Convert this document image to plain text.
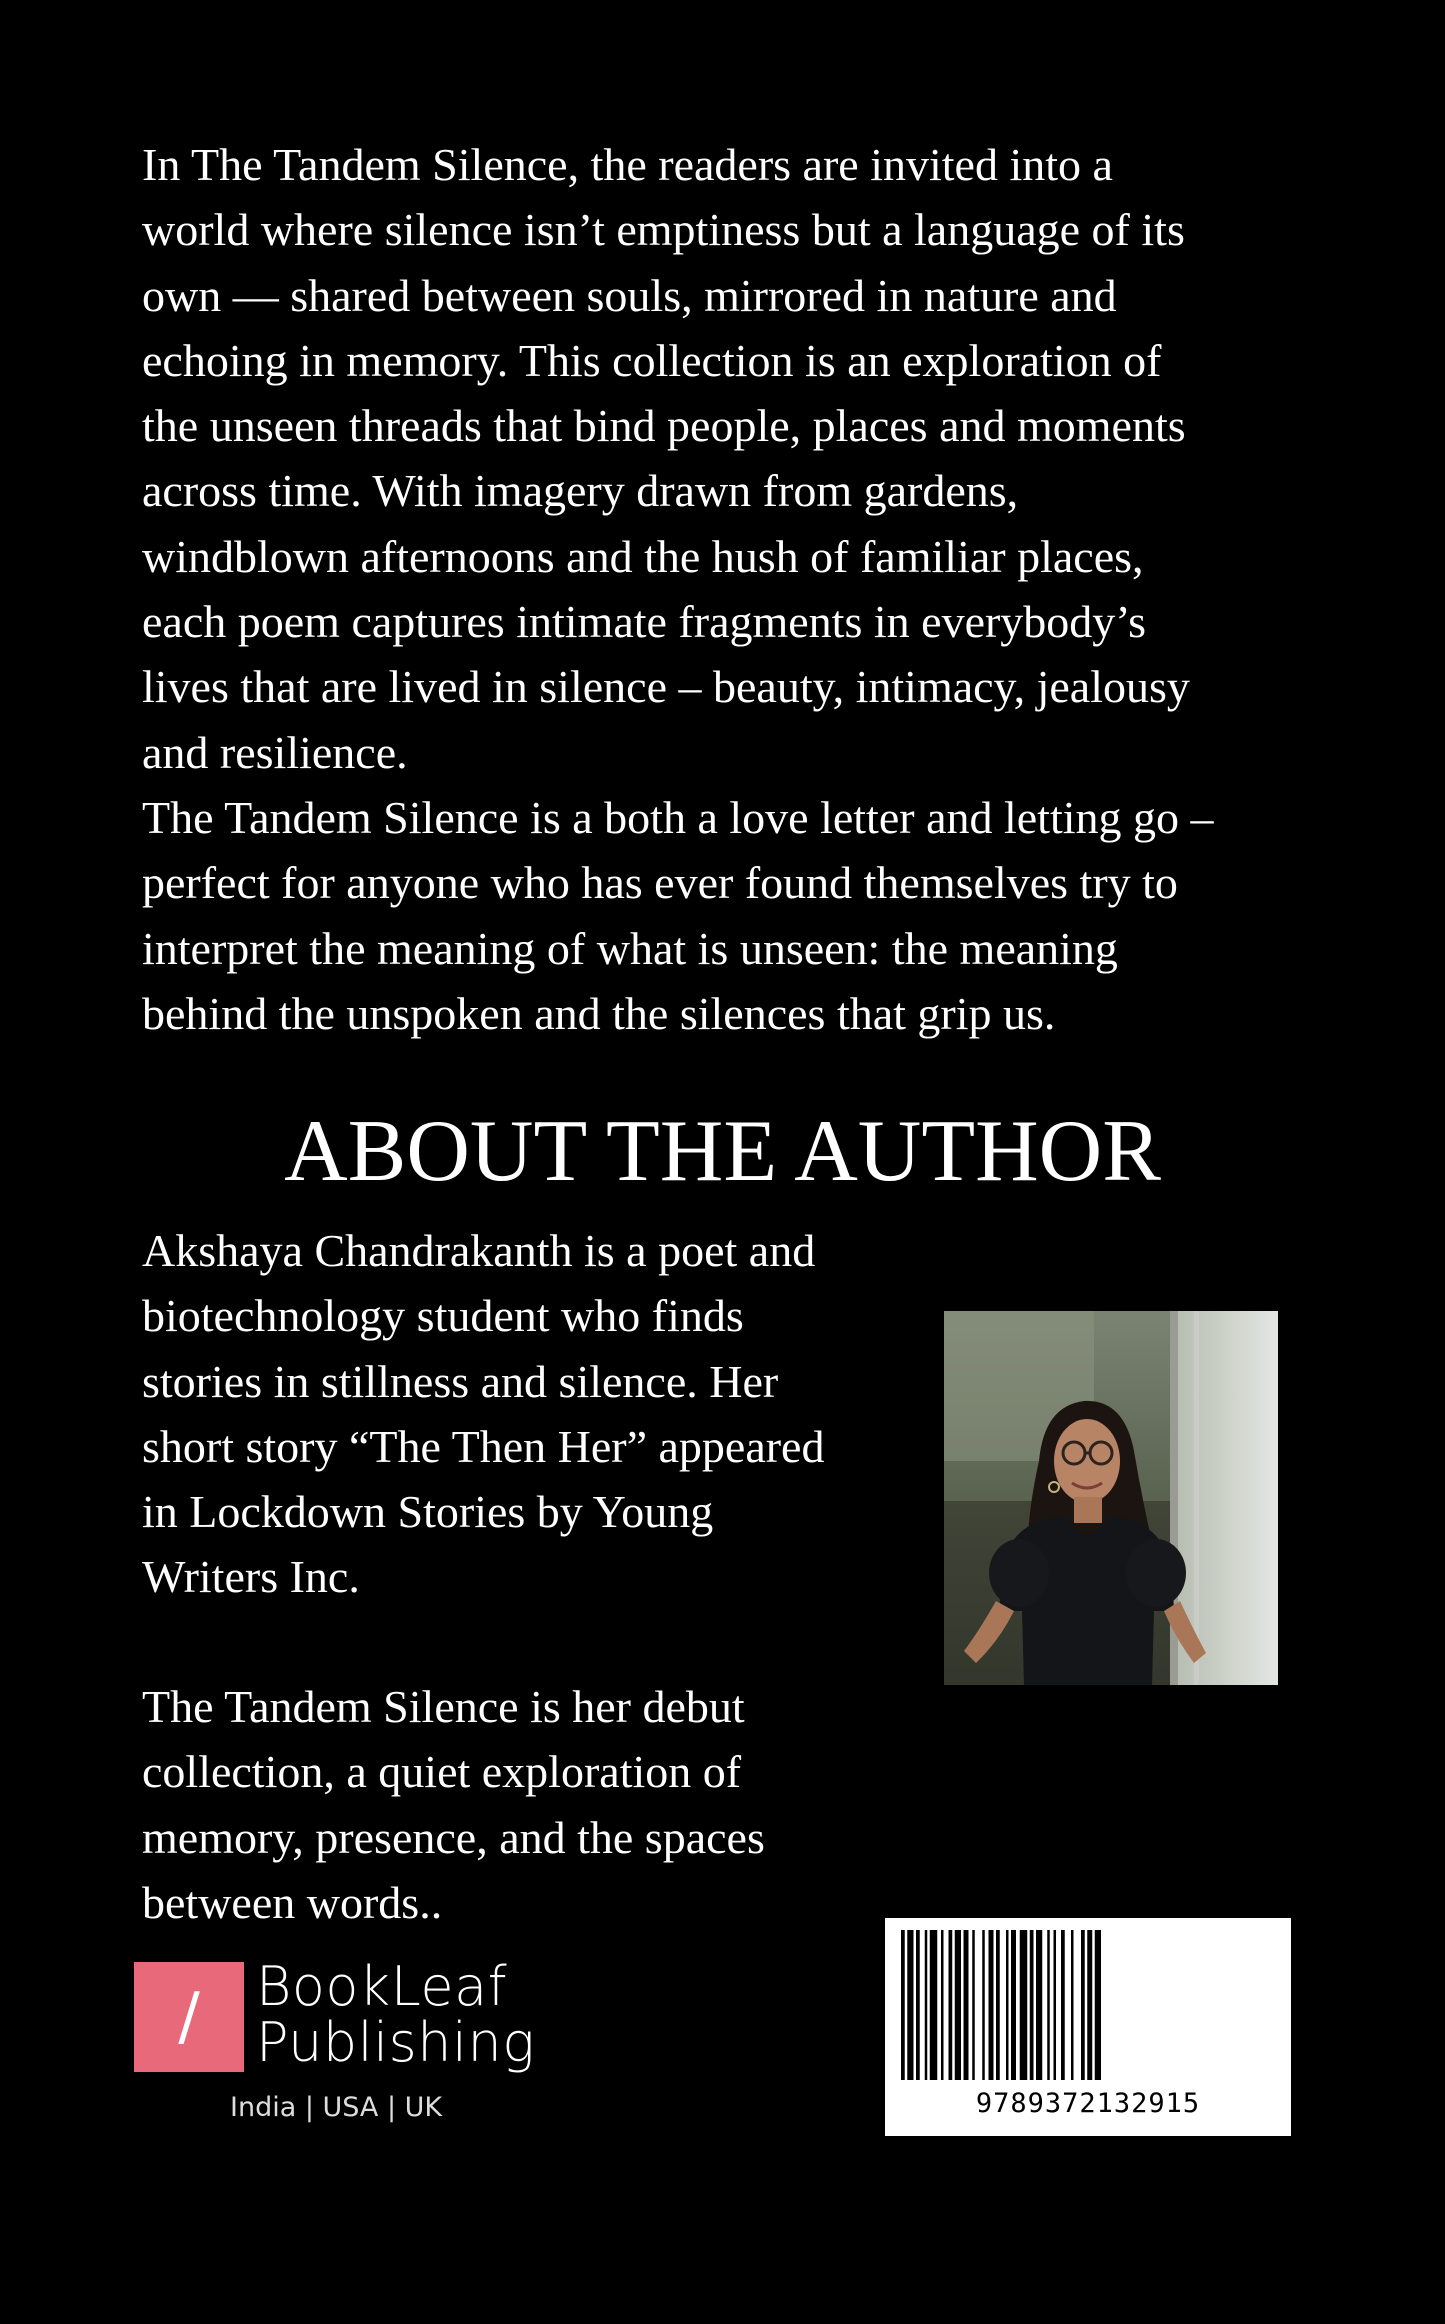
In The Tandem Silence, the readers are invited into a
world where silence isn’t emptiness but a language of its
own — shared between souls, mirrored in nature and
echoing in memory. This collection is an exploration of
the unseen threads that bind people, places and moments
across time. With imagery drawn from gardens,
windblown afternoons and the hush of familiar places,
each poem captures intimate fragments in everybody’s
lives that are lived in silence – beauty, intimacy, jealousy
and resilience.

The Tandem Silence is a both a love letter and letting go –
perfect for anyone who has ever found themselves try to
interpret the meaning of what is unseen: the meaning
behind the unspoken and the silences that grip us.

ABOUT THE AUTHOR

Akshaya Chandrakanth is a poet and
biotechnology student who finds
stories in stillness and silence. Her
short story “The Then Her” appeared
in Lockdown Stories by Young
Writers Inc.

The Tandem Silence is her debut
collection, a quiet exploration of
memory, presence, and the spaces
between words..

/	BookLeaf
Publishing
India | USA | UK	9789372132915
